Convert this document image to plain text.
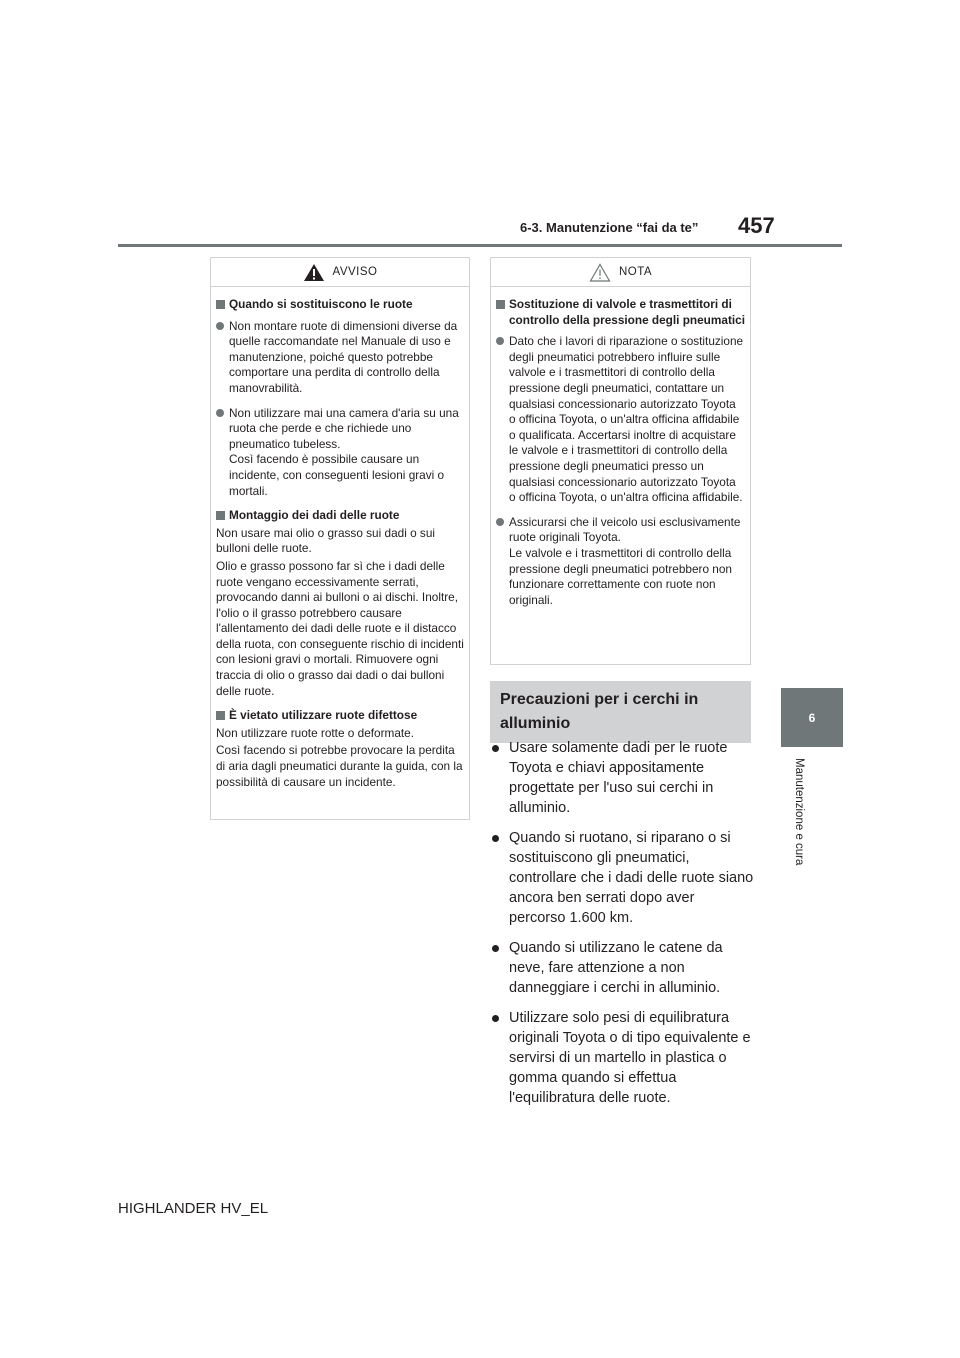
6-3. Manutenzione “fai da te” 457
6
Manutenzione e cura
AVVISO
Quando si sostituiscono le ruote
Non montare ruote di dimensioni diverse da quelle raccomandate nel Manuale di uso e manutenzione, poiché questo potrebbe comportare una perdita di controllo della manovrabilità.
Non utilizzare mai una camera d'aria su una ruota che perde e che richiede uno pneumatico tubeless.
Così facendo è possibile causare un incidente, con conseguenti lesioni gravi o mortali.
Montaggio dei dadi delle ruote
Non usare mai olio o grasso sui dadi o sui bulloni delle ruote.
Olio e grasso possono far sì che i dadi delle ruote vengano eccessivamente serrati, provocando danni ai bulloni o ai dischi. Inoltre, l'olio o il grasso potrebbero causare l'allentamento dei dadi delle ruote e il distacco della ruota, con conseguente rischio di incidenti con lesioni gravi o mortali. Rimuovere ogni traccia di olio o grasso dai dadi o dai bulloni delle ruote.
È vietato utilizzare ruote difettose
Non utilizzare ruote rotte o deformate.
Così facendo si potrebbe provocare la perdita di aria dagli pneumatici durante la guida, con la possibilità di causare un incidente.
NOTA
Sostituzione di valvole e trasmettitori di controllo della pressione degli pneumatici
Dato che i lavori di riparazione o sostituzione degli pneumatici potrebbero influire sulle valvole e i trasmettitori di controllo della pressione degli pneumatici, contattare un qualsiasi concessionario autorizzato Toyota o officina Toyota, o un'altra officina affidabile o qualificata. Accertarsi inoltre di acquistare le valvole e i trasmettitori di controllo della pressione degli pneumatici presso un qualsiasi concessionario autorizzato Toyota o officina Toyota, o un'altra officina affidabile.
Assicurarsi che il veicolo usi esclusivamente ruote originali Toyota.
Le valvole e i trasmettitori di controllo della pressione degli pneumatici potrebbero non funzionare correttamente con ruote non originali.
Precauzioni per i cerchi in alluminio
Usare solamente dadi per le ruote Toyota e chiavi appositamente progettate per l'uso sui cerchi in alluminio.
Quando si ruotano, si riparano o si sostituiscono gli pneumatici, controllare che i dadi delle ruote siano ancora ben serrati dopo aver percorso 1.600 km.
Quando si utilizzano le catene da neve, fare attenzione a non danneggiare i cerchi in alluminio.
Utilizzare solo pesi di equilibratura originali Toyota o di tipo equivalente e servirsi di un martello in plastica o gomma quando si effettua l'equilibratura delle ruote.
HIGHLANDER HV_EL
